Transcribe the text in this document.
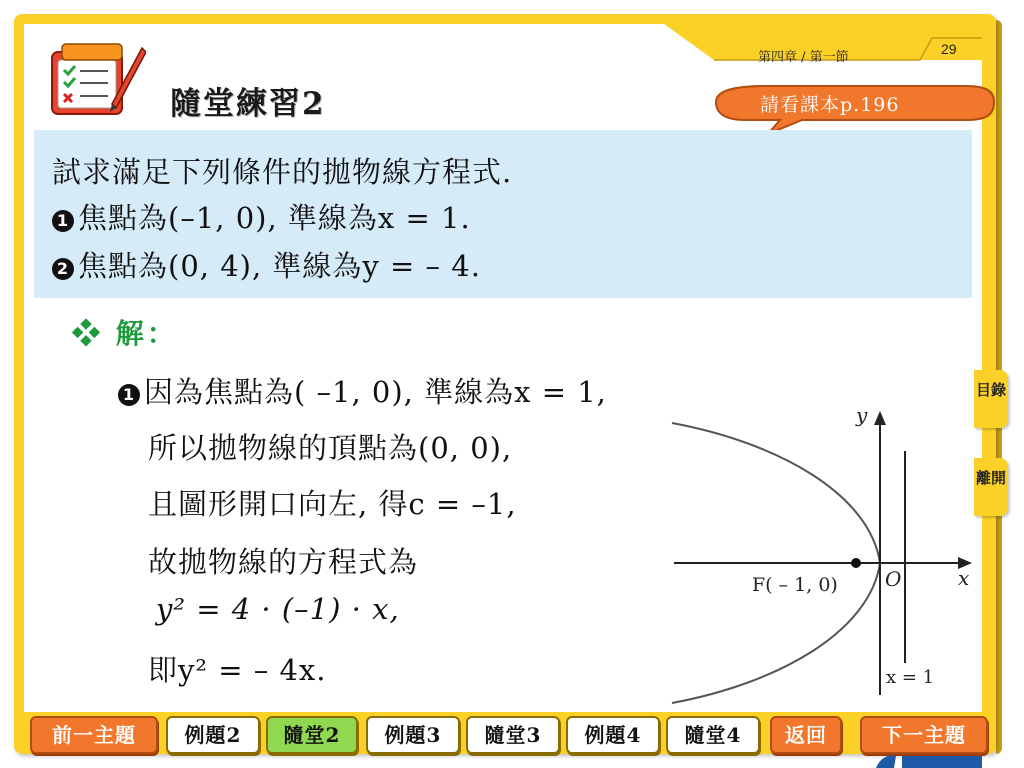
隨堂練習2
第四章 / 第一節
29
請看課本p.196
試求滿足下列條件的拋物線方程式.
1 焦點為(–1, 0), 準線為x = 1.
2 焦點為(0, 4), 準線為y = – 4.
❖ 解：
1 因為焦點為( –1, 0), 準線為x = 1,
所以拋物線的頂點為(0, 0),
且圖形開口向左, 得c = –1,
故拋物線的方程式為
y² = 4 · (–1) · x,
即y² = – 4x.
y
x
O
F( – 1, 0)
x = 1
目錄
離開
前一主題	例題2	隨堂2	例題3	隨堂3	例題4	隨堂4	返回	下一主題
